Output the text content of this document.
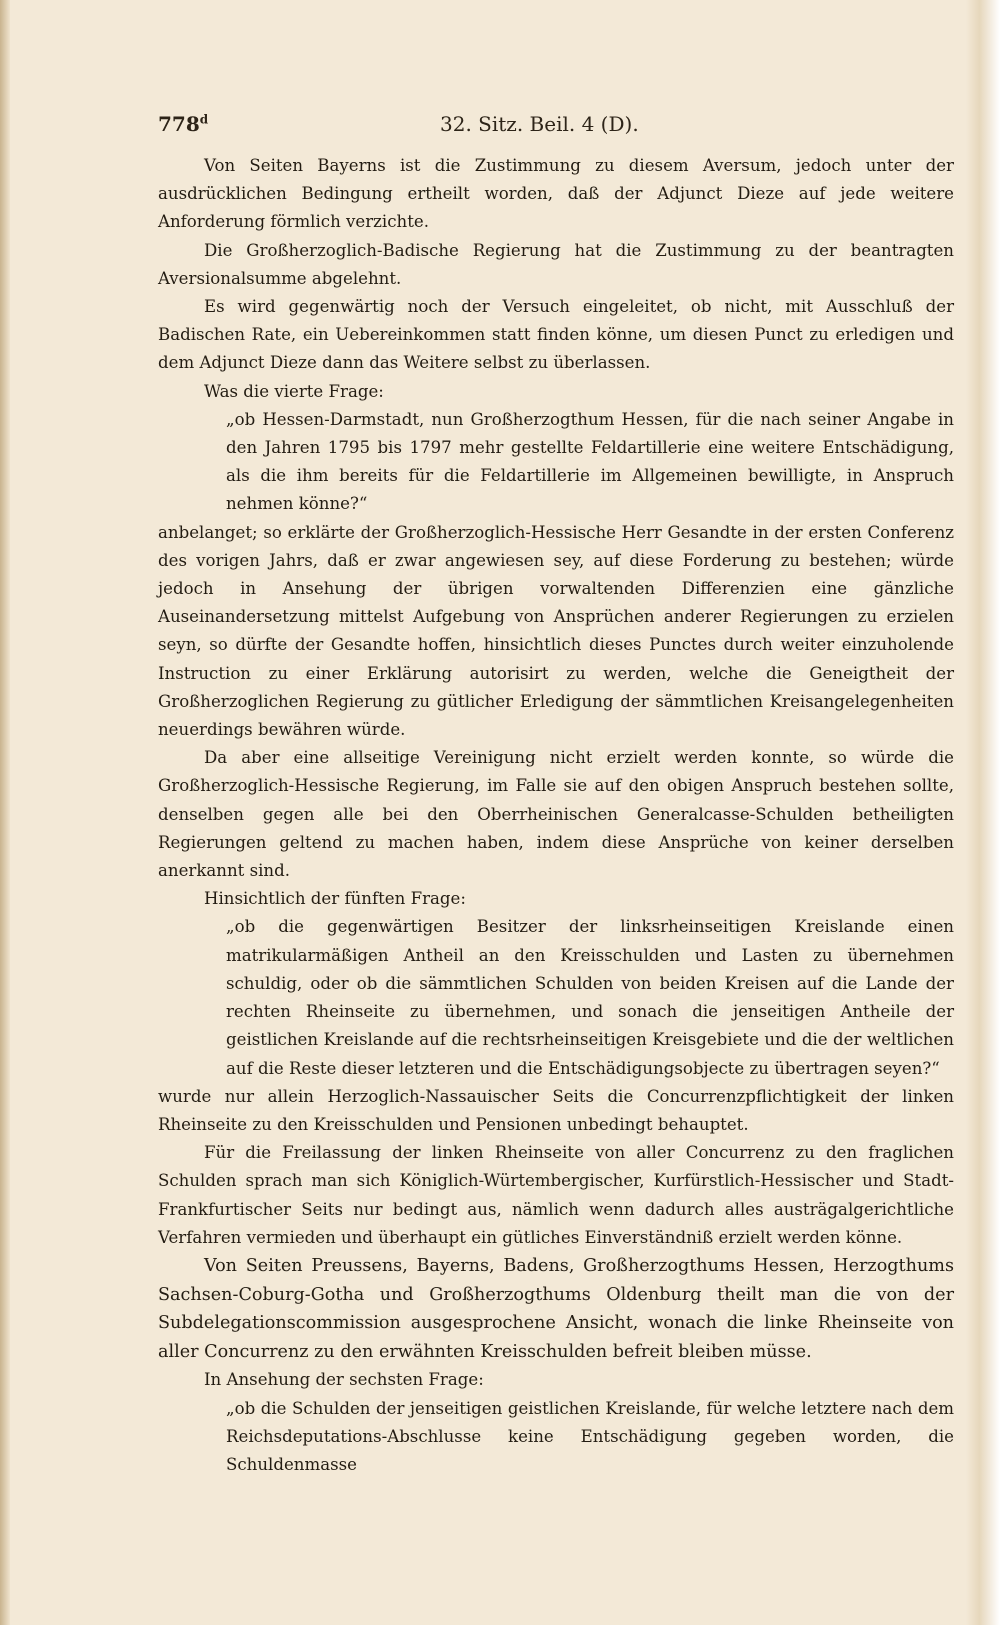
778$^d$	32. Sitz. Beil. 4 (D).

Von Seiten Bayerns ist die Zustimmung zu diesem Aversum, jedoch unter der ausdrücklichen Bedingung ertheilt worden, daß der Adjunct Dieze auf jede weitere Anforderung förmlich verzichte.

Die Großherzoglich-Badische Regierung hat die Zustimmung zu der beantragten Aversionalsumme abgelehnt.

Es wird gegenwärtig noch der Versuch eingeleitet, ob nicht, mit Ausschluß der Badischen Rate, ein Uebereinkommen statt finden könne, um diesen Punct zu erledigen und dem Adjunct Dieze dann das Weitere selbst zu überlassen.

Was die vierte Frage:

„ob Hessen-Darmstadt, nun Großherzogthum Hessen, für die nach seiner Angabe in den Jahren 1795 bis 1797 mehr gestellte Feldartillerie eine weitere Entschädigung, als die ihm bereits für die Feldartillerie im Allgemeinen bewilligte, in Anspruch nehmen könne?“

anbelanget; so erklärte der Großherzoglich-Hessische Herr Gesandte in der ersten Conferenz des vorigen Jahrs, daß er zwar angewiesen sey, auf diese Forderung zu bestehen; würde jedoch in Ansehung der übrigen vorwaltenden Differenzien eine gänzliche Auseinandersetzung mittelst Aufgebung von Ansprüchen anderer Regierungen zu erzielen seyn, so dürfte der Gesandte hoffen, hinsichtlich dieses Punctes durch weiter einzuholende Instruction zu einer Erklärung autorisirt zu werden, welche die Geneigtheit der Großherzoglichen Regierung zu gütlicher Erledigung der sämmtlichen Kreisangelegenheiten neuerdings bewähren würde.

Da aber eine allseitige Vereinigung nicht erzielt werden konnte, so würde die Großherzoglich-Hessische Regierung, im Falle sie auf den obigen Anspruch bestehen sollte, denselben gegen alle bei den Oberrheinischen Generalcasse-Schulden betheiligten Regierungen geltend zu machen haben, indem diese Ansprüche von keiner derselben anerkannt sind.

Hinsichtlich der fünften Frage:

„ob die gegenwärtigen Besitzer der linksrheinseitigen Kreislande einen matrikularmäßigen Antheil an den Kreisschulden und Lasten zu übernehmen schuldig, oder ob die sämmtlichen Schulden von beiden Kreisen auf die Lande der rechten Rheinseite zu übernehmen, und sonach die jenseitigen Antheile der geistlichen Kreislande auf die rechtsrheinseitigen Kreisgebiete und die der weltlichen auf die Reste dieser letzteren und die Entschädigungsobjecte zu übertragen seyen?“

wurde nur allein Herzoglich-Nassauischer Seits die Concurrenzpflichtigkeit der linken Rheinseite zu den Kreisschulden und Pensionen unbedingt behauptet.

Für die Freilassung der linken Rheinseite von aller Concurrenz zu den fraglichen Schulden sprach man sich Königlich-Würtembergischer, Kurfürstlich-Hessischer und Stadt-Frankfurtischer Seits nur bedingt aus, nämlich wenn dadurch alles austrägalgerichtliche Verfahren vermieden und überhaupt ein gütliches Einverständniß erzielt werden könne.

Von Seiten Preussens, Bayerns, Badens, Großherzogthums Hessen, Herzogthums Sachsen-Coburg-Gotha und Großherzogthums Oldenburg theilt man die von der Subdelegationscommission ausgesprochene Ansicht, wonach die linke Rheinseite von aller Concurrenz zu den erwähnten Kreisschulden befreit bleiben müsse.

In Ansehung der sechsten Frage:

„ob die Schulden der jenseitigen geistlichen Kreislande, für welche letztere nach dem Reichsdeputations-Abschlusse keine Entschädigung gegeben worden, die Schuldenmasse
